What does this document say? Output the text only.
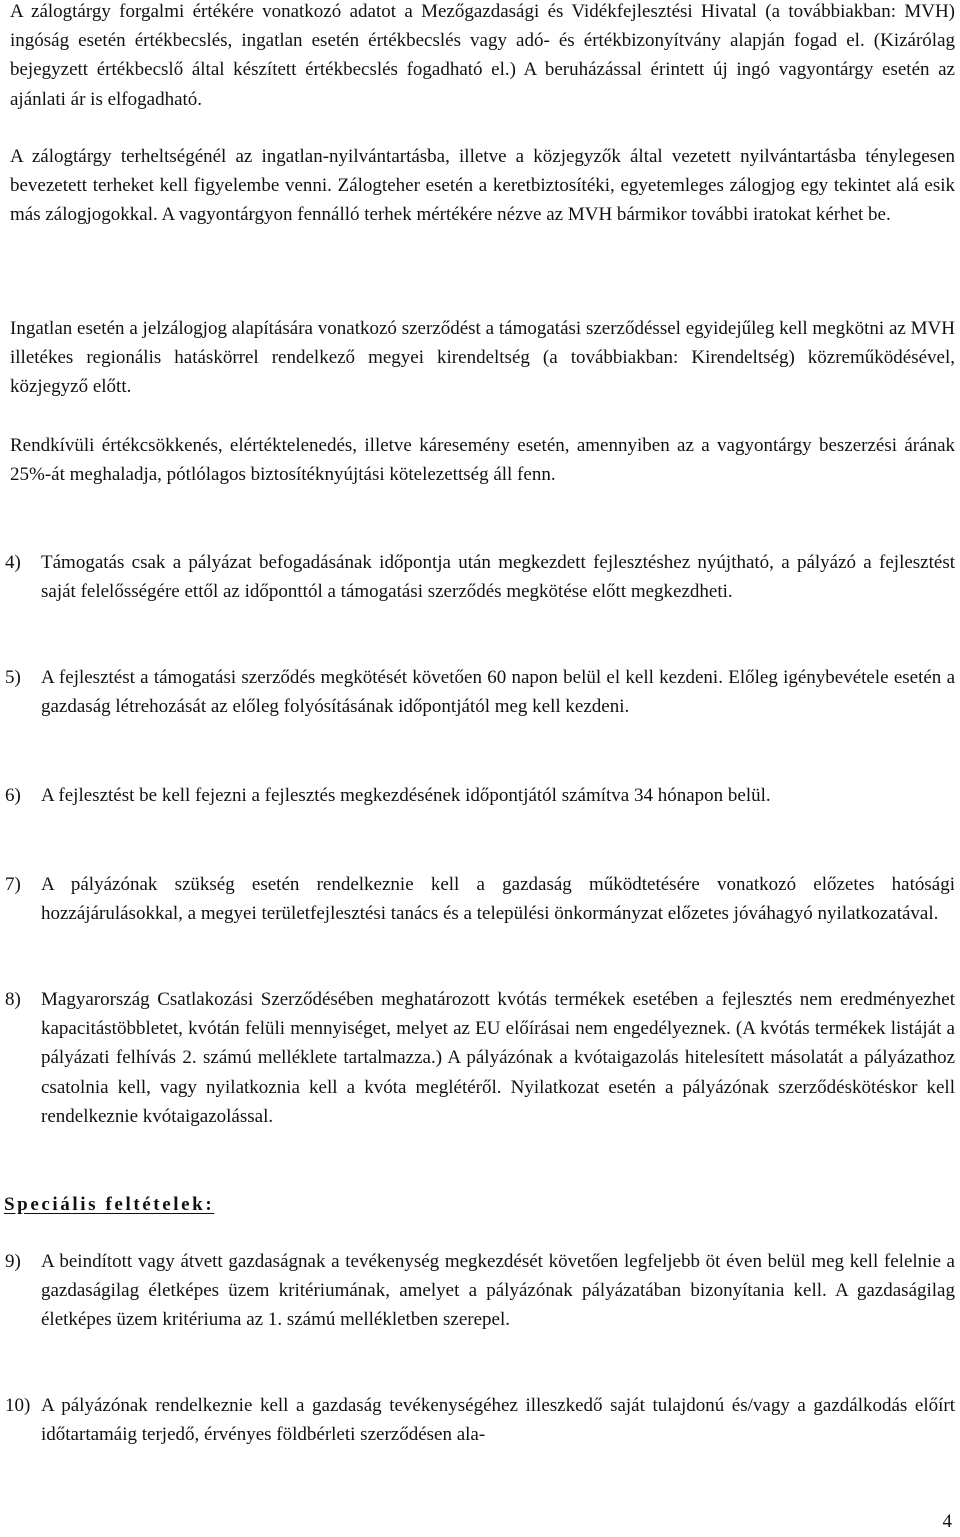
A zálogtárgy forgalmi értékére vonatkozó adatot a Mezőgazdasági és Vidékfejlesztési Hivatal (a továbbiakban: MVH) ingóság esetén értékbecslés, ingatlan esetén értékbecslés vagy adó- és értékbizonyítvány alapján fogad el. (Kizárólag bejegyzett értékbecslő által készített értékbecslés fogadható el.) A beruházással érintett új ingó vagyontárgy esetén az ajánlati ár is elfogadható.

A zálogtárgy terheltségénél az ingatlan-nyilvántartásba, illetve a közjegyzők által vezetett nyilvántartásba ténylegesen bevezetett terheket kell figyelembe venni. Zálogteher esetén a keretbiztosítéki, egyetemleges zálogjog egy tekintet alá esik más zálogjogokkal. A vagyontárgyon fennálló terhek mértékére nézve az MVH bármikor további iratokat kérhet be.

Ingatlan esetén a jelzálogjog alapítására vonatkozó szerződést a támogatási szerződéssel egyidejűleg kell megkötni az MVH illetékes regionális hatáskörrel rendelkező megyei kirendeltség (a továbbiakban: Kirendeltség) közreműködésével, közjegyző előtt.

Rendkívüli értékcsökkenés, elértéktelenedés, illetve káresemény esetén, amennyiben az a vagyontárgy beszerzési árának 25%-át meghaladja, pótlólagos biztosítéknyújtási kötelezettség áll fenn.

4) Támogatás csak a pályázat befogadásának időpontja után megkezdett fejlesztéshez nyújtható, a pályázó a fejlesztést saját felelősségére ettől az időponttól a támogatási szerződés megkötése előtt megkezdheti.
5) A fejlesztést a támogatási szerződés megkötését követően 60 napon belül el kell kezdeni. Előleg igénybevétele esetén a gazdaság létrehozását az előleg folyósításának időpontjától meg kell kezdeni.
6) A fejlesztést be kell fejezni a fejlesztés megkezdésének időpontjától számítva 34 hónapon belül.
7) A pályázónak szükség esetén rendelkeznie kell a gazdaság működtetésére vonatkozó előzetes hatósági hozzájárulásokkal, a megyei területfejlesztési tanács és a települési önkormányzat előzetes jóváhagyó nyilatkozatával.
8) Magyarország Csatlakozási Szerződésében meghatározott kvótás termékek esetében a fejlesztés nem eredményezhet kapacitástöbbletet, kvótán felüli mennyiséget, melyet az EU előírásai nem engedélyeznek. (A kvótás termékek listáját a pályázati felhívás 2. számú melléklete tartalmazza.) A pályázónak a kvótaigazolás hitelesített másolatát a pályázathoz csatolnia kell, vagy nyilatkoznia kell a kvóta meglétéről. Nyilatkozat esetén a pályázónak szerződéskötéskor kell rendelkeznie kvótaigazolással.

Speciális feltételek:

9) A beindított vagy átvett gazdaságnak a tevékenység megkezdését követően legfeljebb öt éven belül meg kell felelnie a gazdaságilag életképes üzem kritériumának, amelyet a pályázónak pályázatában bizonyítania kell. A gazdaságilag életképes üzem kritériuma az 1. számú mellékletben szerepel.
10) A pályázónak rendelkeznie kell a gazdaság tevékenységéhez illeszkedő saját tulajdonú és/vagy a gazdálkodás előírt időtartamáig terjedő, érvényes földbérleti szerződésen ala-

4
